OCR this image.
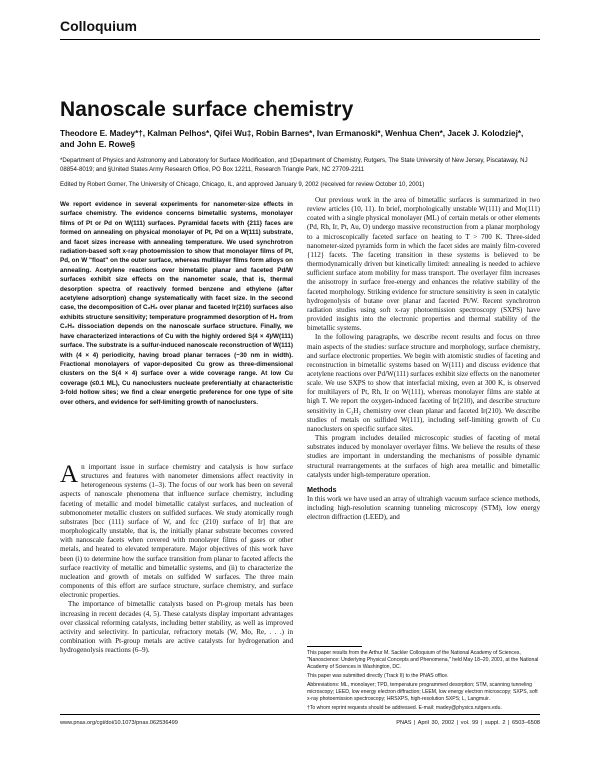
Colloquium
Nanoscale surface chemistry
Theodore E. Madey*†, Kalman Pelhos*, Qifei Wu‡, Robin Barnes*, Ivan Ermanoski*, Wenhua Chen*, Jacek J. Kolodziej*, and John E. Rowe§
*Department of Physics and Astronomy and Laboratory for Surface Modification, and ‡Department of Chemistry, Rutgers, The State University of New Jersey, Piscataway, NJ 08854-8019; and §United States Army Research Office, PO Box 12211, Research Triangle Park, NC 27709-2211
Edited by Robert Gomer, The University of Chicago, Chicago, IL, and approved January 9, 2002 (received for review October 10, 2001)
We report evidence in several experiments for nanometer-size effects in surface chemistry. The evidence concerns bimetallic systems, monolayer films of Pt or Pd on W(111) surfaces. Pyramidal facets with {211} faces are formed on annealing on physical monolayer of Pt, Pd on a W(111) substrate, and facet sizes increase with annealing temperature. We used synchrotron radiation-based soft x-ray photoemission to show that monolayer films of Pt, Pd, on W "float" on the outer surface, whereas multilayer films form alloys on annealing. Acetylene reactions over bimetallic planar and faceted Pd/W surfaces exhibit size effects on the nanometer scale, that is, thermal desorption spectra of reactively formed benzene and ethylene (after acetylene adsorption) change systematically with facet size. In the second case, the decomposition of C₂H₂ over planar and faceted Ir(210) surfaces also exhibits structure sensitivity; temperature programmed desorption of H₂ from C₂H₂ dissociation depends on the nanoscale surface structure. Finally, we have characterized interactions of Cu with the highly ordered S(4 × 4)/W(111) surface. The substrate is a sulfur-induced nanoscale reconstruction of W(111) with (4 × 4) periodicity, having broad planar terraces (~30 nm in width). Fractional monolayers of vapor-deposited Cu grow as three-dimensional clusters on the S(4 × 4) surface over a wide coverage range. At low Cu coverage (≤0.1 ML), Cu nanoclusters nucleate preferentially at characteristic 3-fold hollow sites; we find a clear energetic preference for one type of site over others, and evidence for self-limiting growth of nanoclusters.

An important issue in surface chemistry and catalysis is how surface structures and features with nanometer dimensions affect reactivity in heterogeneous systems (1–3). The focus of our work has been on several aspects of nanoscale phenomena that influence surface chemistry, including faceting of metallic and model bimetallic catalyst surfaces, and nucleation of submonometer metallic clusters on sulfided surfaces. We study atomically rough substrates [bcc (111) surface of W, and fcc (210) surface of Ir] that are morphologically unstable, that is, the initially planar substrate becomes covered with nanoscale facets when covered with monolayer films of gases or other metals, and heated to elevated temperature. Major objectives of this work have been (i) to determine how the surface transition from planar to faceted affects the surface reactivity of metallic and bimetallic systems, and (ii) to characterize the nucleation and growth of metals on sulfided W surfaces. The three main components of this effort are surface structure, surface chemistry, and surface electronic properties.

The importance of bimetallic catalysts based on Pt-group metals has been increasing in recent decades (4, 5). These catalysts display important advantages over classical reforming catalysts, including better stability, as well as improved activity and selectivity. In particular, refractory metals (W, Mo, Re, . . .) in combination with Pt-group metals are active catalysts for hydrogenation and hydrogenolysis reactions (6–9).

Our previous work in the area of bimetallic surfaces is summarized in two review articles (10, 11). In brief, morphologically unstable W(111) and Mo(111) coated with a single physical monolayer (ML) of certain metals or other elements (Pd, Rh, Ir, Pt, Au, O) undergo massive reconstruction from a planar morphology to a microscopically faceted surface on heating to T > 700 K. Three-sided nanometer-sized pyramids form in which the facet sides are mainly film-covered {112} facets. The faceting transition in these systems is believed to be thermodynamically driven but kinetically limited: annealing is needed to achieve sufficient surface atom mobility for mass transport. The overlayer film increases the anisotropy in surface free-energy and enhances the relative stability of the faceted morphology. Striking evidence for structure sensitivity is seen in catalytic hydrogenolysis of butane over planar and faceted Pt/W. Recent synchrotron radiation studies using soft x-ray photoemission spectroscopy (SXPS) have provided insights into the electronic properties and thermal stability of the bimetallic systems.

In the following paragraphs, we describe recent results and focus on three main aspects of the studies: surface structure and morphology, surface chemistry, and surface electronic properties. We begin with atomistic studies of faceting and reconstruction in bimetallic systems based on W(111) and discuss evidence that acetylene reactions over Pd/W(111) surfaces exhibit size effects on the nanometer scale. We use SXPS to show that interfacial mixing, even at 300 K, is observed for multilayers of Pt, Rh, Ir on W(111), whereas monolayer films are stable at high T. We report the oxygen-induced faceting of Ir(210), and describe structure sensitivity in C₂H₂ chemistry over clean planar and faceted Ir(210). We describe studies of metals on sulfided W(111), including self-limiting growth of Cu nanoclusters on specific surface sites.

This program includes detailed microscopic studies of faceting of metal substrates induced by monolayer overlayer films. We believe the results of these studies are important in understanding the mechanisms of possible dynamic structural rearrangements at the surfaces of high area metallic and bimetallic catalysts under high-temperature operation.

Methods

In this work we have used an array of ultrahigh vacuum surface science methods, including high-resolution scanning tunneling microscopy (STM), low energy electron diffraction (LEED), and

This paper results from the Arthur M. Sackler Colloquium of the National Academy of Sciences, "Nanoscience: Underlying Physical Concepts and Phenomena," held May 18–20, 2001, at the National Academy of Sciences in Washington, DC.
This paper was submitted directly (Track II) to the PNAS office.
Abbreviations: ML, monolayer; TPD, temperature programmed desorption; STM, scanning tunneling microscopy; LEED, low energy electron diffraction; LEEM, low energy electron microscopy; SXPS, soft x-ray photoemission spectroscopy; HRSXPS, high-resolution SXPS; L, Langmuir.
†To whom reprint requests should be addressed. E-mail: madey@physics.rutgers.edu.
www.pnas.org/cgi/doi/10.1073/pnas.062536499	PNAS | April 30, 2002 | vol. 99 | suppl. 2 | 6503–6508
